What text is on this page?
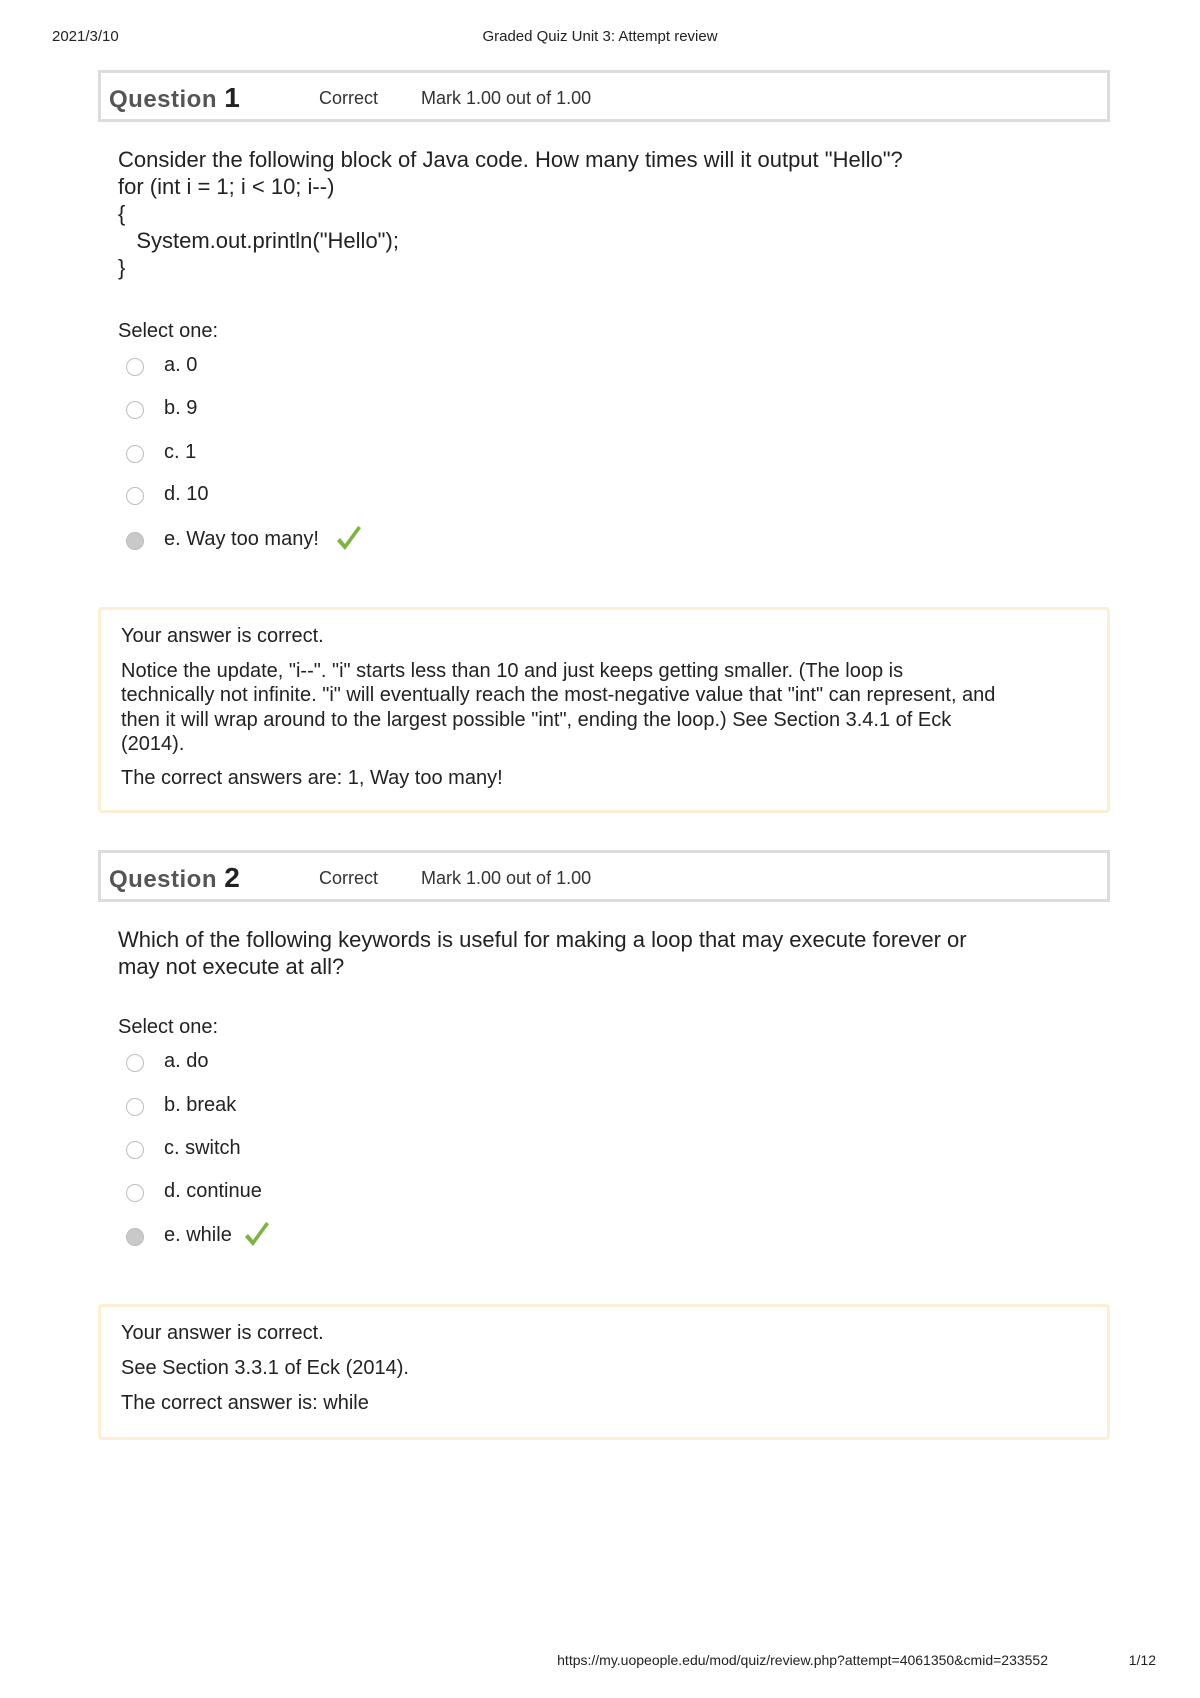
2021/3/10	Graded Quiz Unit 3: Attempt review
Question 1	Correct Mark 1.00 out of 1.00
Consider the following block of Java code. How many times will it output "Hello"?
for (int i = 1; i < 10; i--)
{
System.out.println("Hello");
}
Select one:
a. 0
b. 9
c. 1
d. 10
e. Way too many!
Your answer is correct.
Notice the update, "i--". "i" starts less than 10 and just keeps getting smaller. (The loop is
technically not infinite. "i" will eventually reach the most-negative value that "int" can represent, and
then it will wrap around to the largest possible "int", ending the loop.) See Section 3.4.1 of Eck
(2014).
The correct answers are: 1, Way too many!
Question 2	Correct Mark 1.00 out of 1.00
Which of the following keywords is useful for making a loop that may execute forever or
may not execute at all?
Select one:
a. do
b. break
c. switch
d. continue
e. while
Your answer is correct.
See Section 3.3.1 of Eck (2014).
The correct answer is: while
https://my.uopeople.edu/mod/quiz/review.php?attempt=4061350&cmid=233552	1/12
